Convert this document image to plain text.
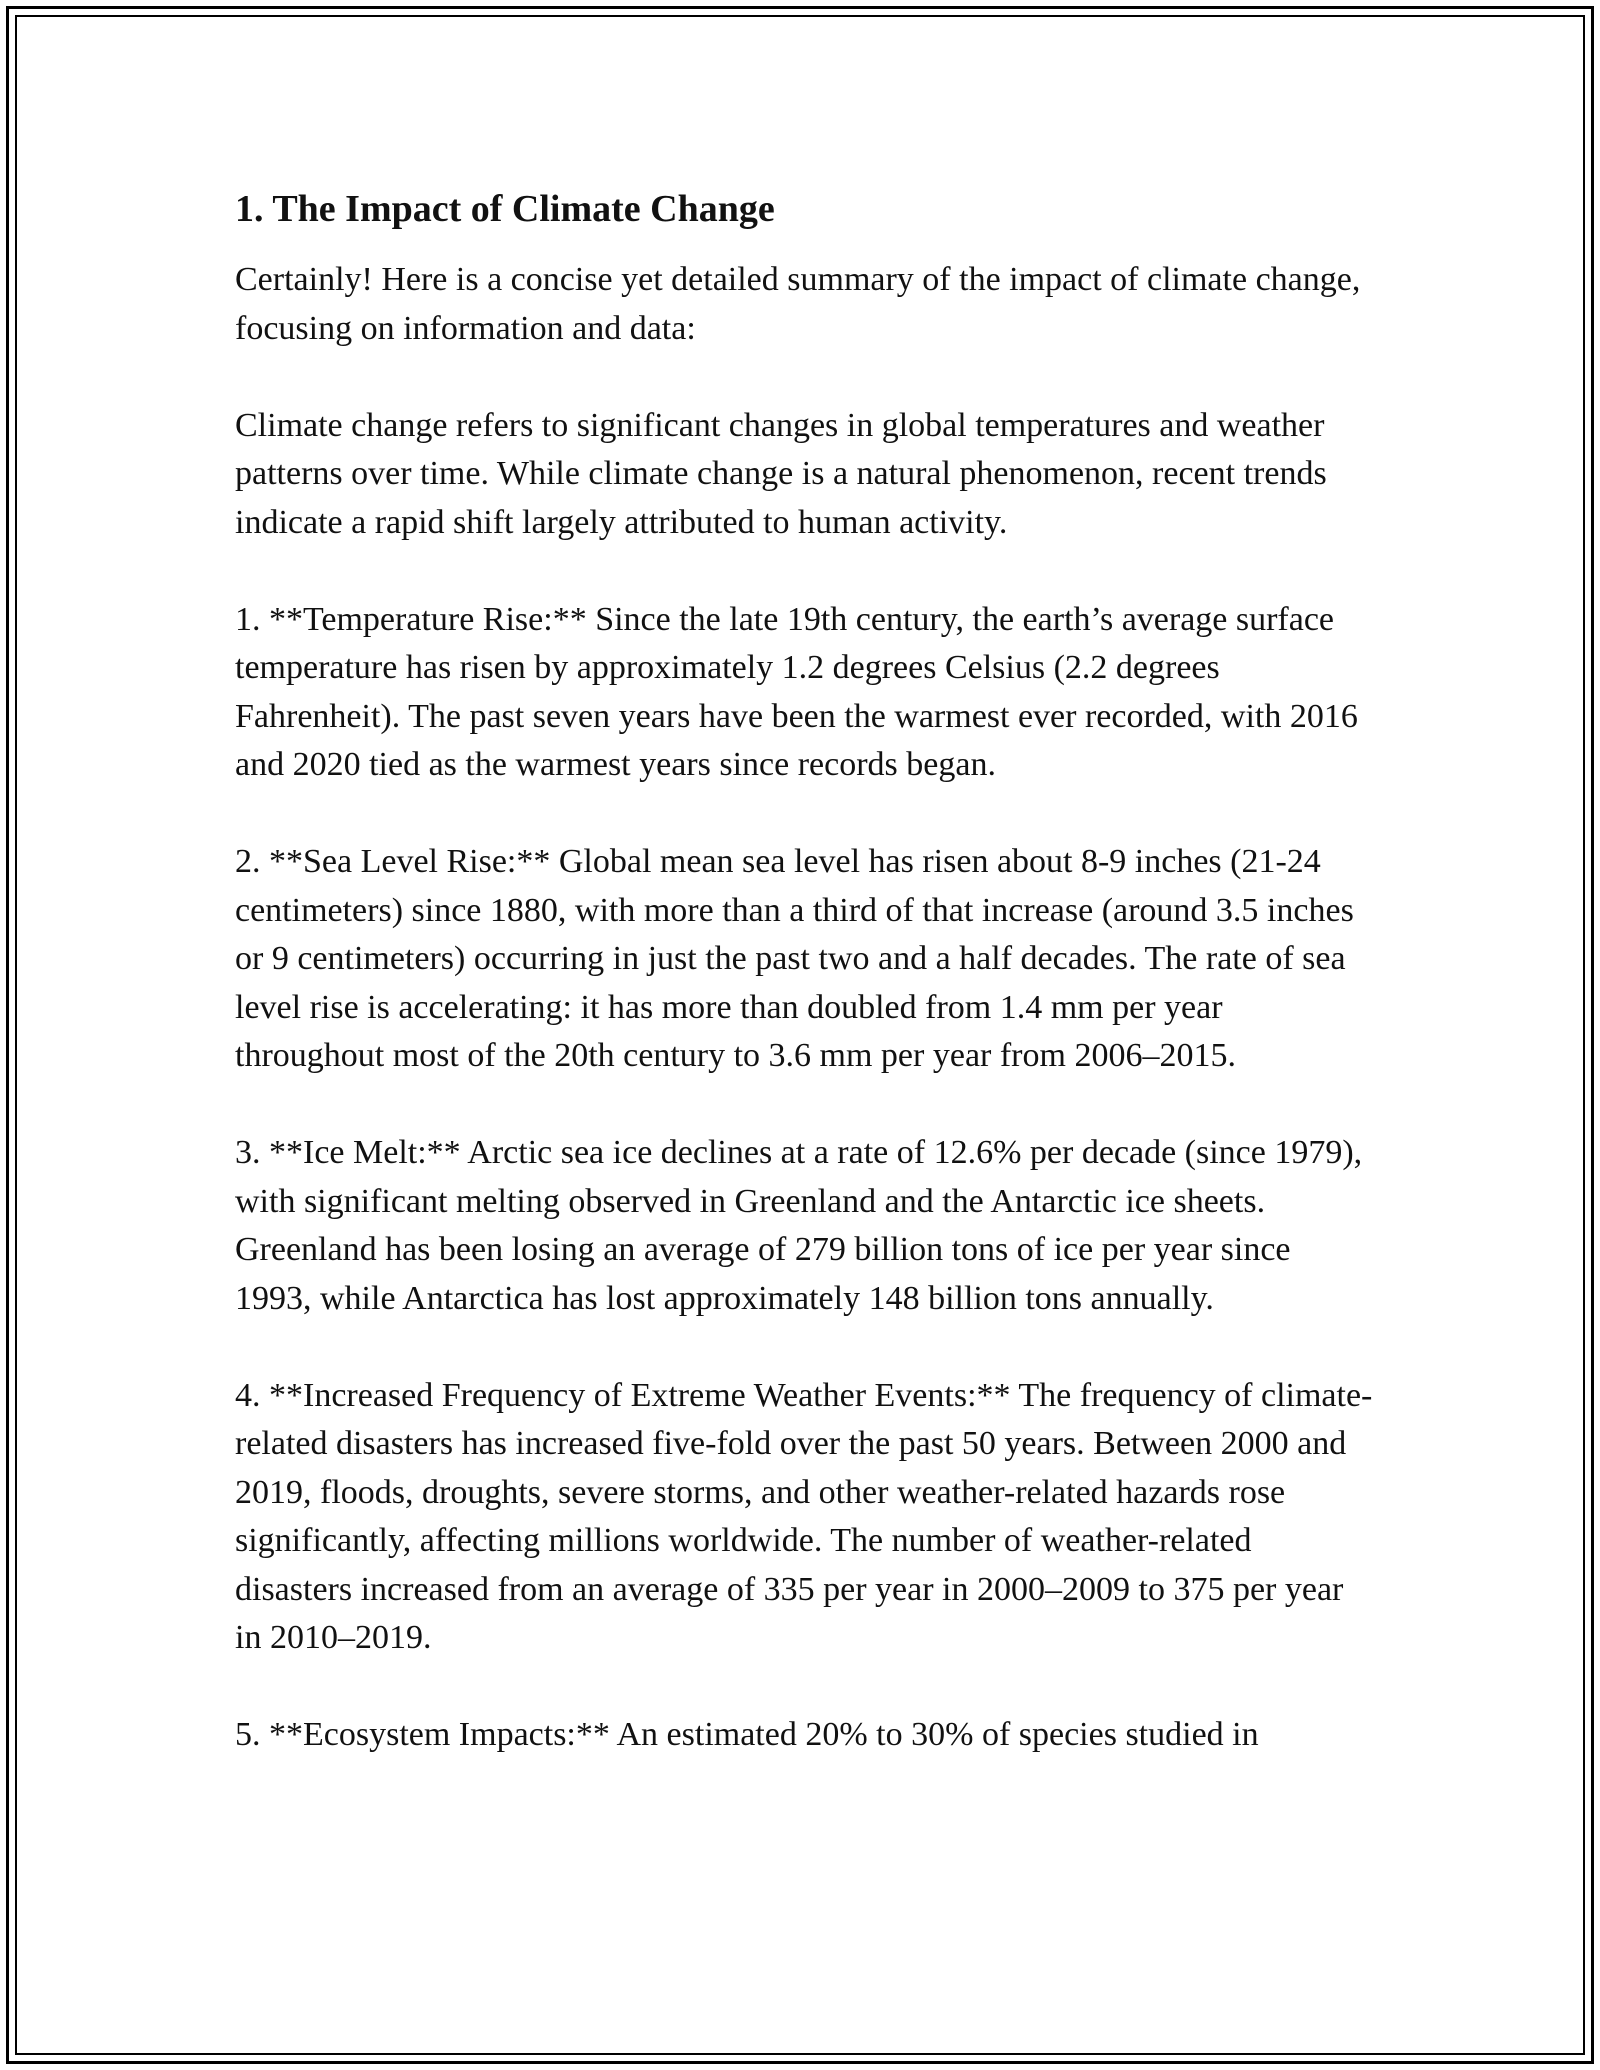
1. The Impact of Climate Change

Certainly! Here is a concise yet detailed summary of the impact of climate change, focusing on information and data:

Climate change refers to significant changes in global temperatures and weather patterns over time. While climate change is a natural phenomenon, recent trends indicate a rapid shift largely attributed to human activity.

1. **Temperature Rise:** Since the late 19th century, the earth’s average surface temperature has risen by approximately 1.2 degrees Celsius (2.2 degrees Fahrenheit). The past seven years have been the warmest ever recorded, with 2016 and 2020 tied as the warmest years since records began.

2. **Sea Level Rise:** Global mean sea level has risen about 8-9 inches (21-24 centimeters) since 1880, with more than a third of that increase (around 3.5 inches or 9 centimeters) occurring in just the past two and a half decades. The rate of sea level rise is accelerating: it has more than doubled from 1.4 mm per year throughout most of the 20th century to 3.6 mm per year from 2006–2015.

3. **Ice Melt:** Arctic sea ice declines at a rate of 12.6% per decade (since 1979), with significant melting observed in Greenland and the Antarctic ice sheets. Greenland has been losing an average of 279 billion tons of ice per year since 1993, while Antarctica has lost approximately 148 billion tons annually.

4. **Increased Frequency of Extreme Weather Events:** The frequency of climate-related disasters has increased five-fold over the past 50 years. Between 2000 and 2019, floods, droughts, severe storms, and other weather-related hazards rose significantly, affecting millions worldwide. The number of weather-related disasters increased from an average of 335 per year in 2000–2009 to 375 per year in 2010–2019.

5. **Ecosystem Impacts:** An estimated 20% to 30% of species studied in
